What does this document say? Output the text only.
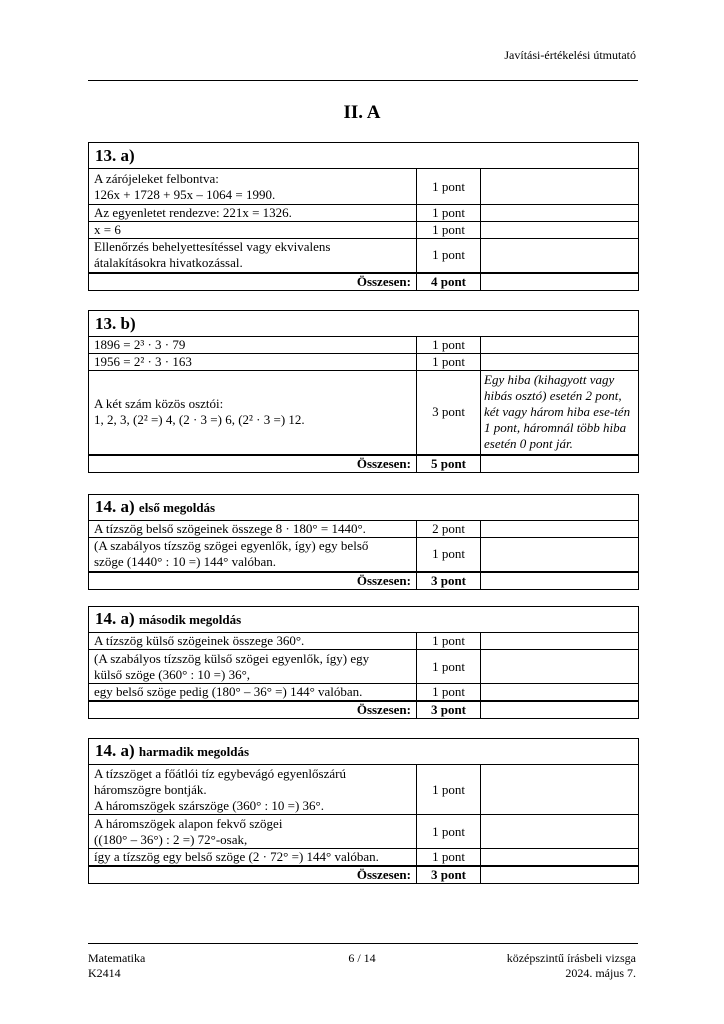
Javítási-értékelési útmutató
II. A
13. a)		

A zárójeleket felbontva:
126x + 1728 + 95x – 1064 = 1990.	1 pont	

Az egyenletet rendezve: 221x = 1326.	1 pont	

x = 6	1 pont	

Ellenőrzés behelyettesítéssel vagy ekvivalens
átalakításokra hivatkozással.	1 pont	
Összesen:	4 pont	
13. b)		

1896 = 2³ · 3 · 79	1 pont	

1956 = 2² · 3 · 163	1 pont	

A két szám közös osztói:
1, 2, 3, (2² =) 4, (2 · 3 =) 6, (2² · 3 =) 12.	3 pont	Egy hiba (kihagyott vagy hibás osztó) esetén 2 pont, két vagy három hiba ese-tén 1 pont, háromnál több hiba esetén 0 pont jár.
Összesen:	5 pont	
14. a) első megoldás		

A tízszög belső szögeinek összege 8 · 180° = 1440°.	2 pont	

(A szabályos tízszög szögei egyenlők, így) egy belső
szöge (1440° : 10 =) 144° valóban.	1 pont	
Összesen:	3 pont	
14. a) második megoldás		

A tízszög külső szögeinek összege 360°.	1 pont	

(A szabályos tízszög külső szögei egyenlők, így) egy
külső szöge (360° : 10 =) 36°,	1 pont	

egy belső szöge pedig (180° – 36° =) 144° valóban.	1 pont	
Összesen:	3 pont	
14. a) harmadik megoldás		

A tízszöget a főátlói tíz egybevágó egyenlőszárú
háromszögre bontják.
A háromszögek szárszöge (360° : 10 =) 36°.	1 pont	

A háromszögek alapon fekvő szögei
((180° – 36°) : 2 =) 72°-osak,	1 pont	

így a tízszög egy belső szöge (2 · 72° =) 144° valóban.	1 pont	
Összesen:	3 pont	
Matematika
K2414
6 / 14	középszintű írásbeli vizsga
2024. május 7.
